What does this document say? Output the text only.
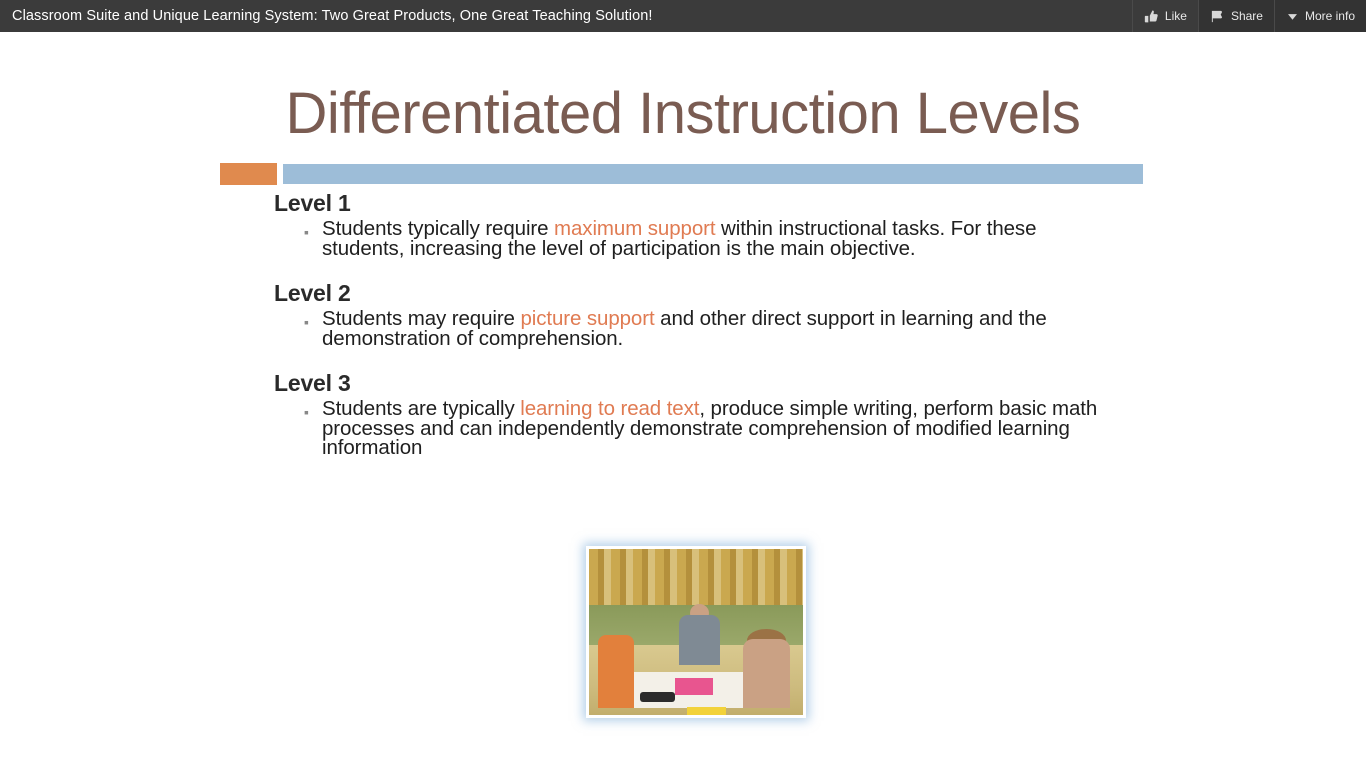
Classroom Suite and Unique Learning System: Two Great Products, One Great Teaching Solution!	Like	Share	More info
Differentiated Instruction Levels
Level 1
▪ Students typically require maximum support within instructional tasks. For these students, increasing the level of participation is the main objective.
Level 2
▪ Students may require picture support and other direct support in learning and the demonstration of comprehension.
Level 3
▪ Students are typically learning to read text, produce simple writing, perform basic math processes and can independently demonstrate comprehension of modified learning information
